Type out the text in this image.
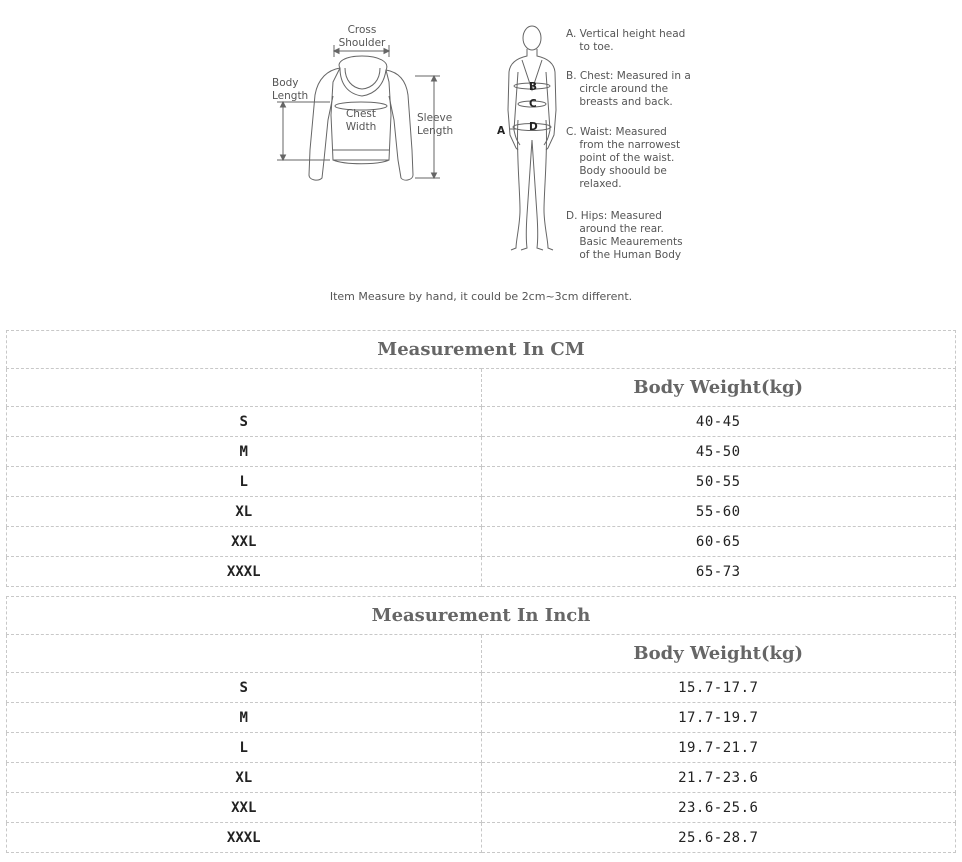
Cross
Shoulder
Body
Length
Chest
Width
Sleeve
Length
B
C
D
A
A. Vertical height head
to toe.
B. Chest: Measured in a
circle around the
breasts and back.
C. Waist: Measured
from the narrowest
point of the waist.
Body shoould be
relaxed.
D. Hips: Measured
around the rear.
Basic Meaurements
of the Human Body
Item Measure by hand, it could be 2cm~3cm different.
Measurement In CM	
	Body Weight(kg)
S	40-45
M	45-50
L	50-55
XL	55-60
XXL	60-65
XXXL	65-73
Measurement In Inch	
	Body Weight(kg)
S	15.7-17.7
M	17.7-19.7
L	19.7-21.7
XL	21.7-23.6
XXL	23.6-25.6
XXXL	25.6-28.7
